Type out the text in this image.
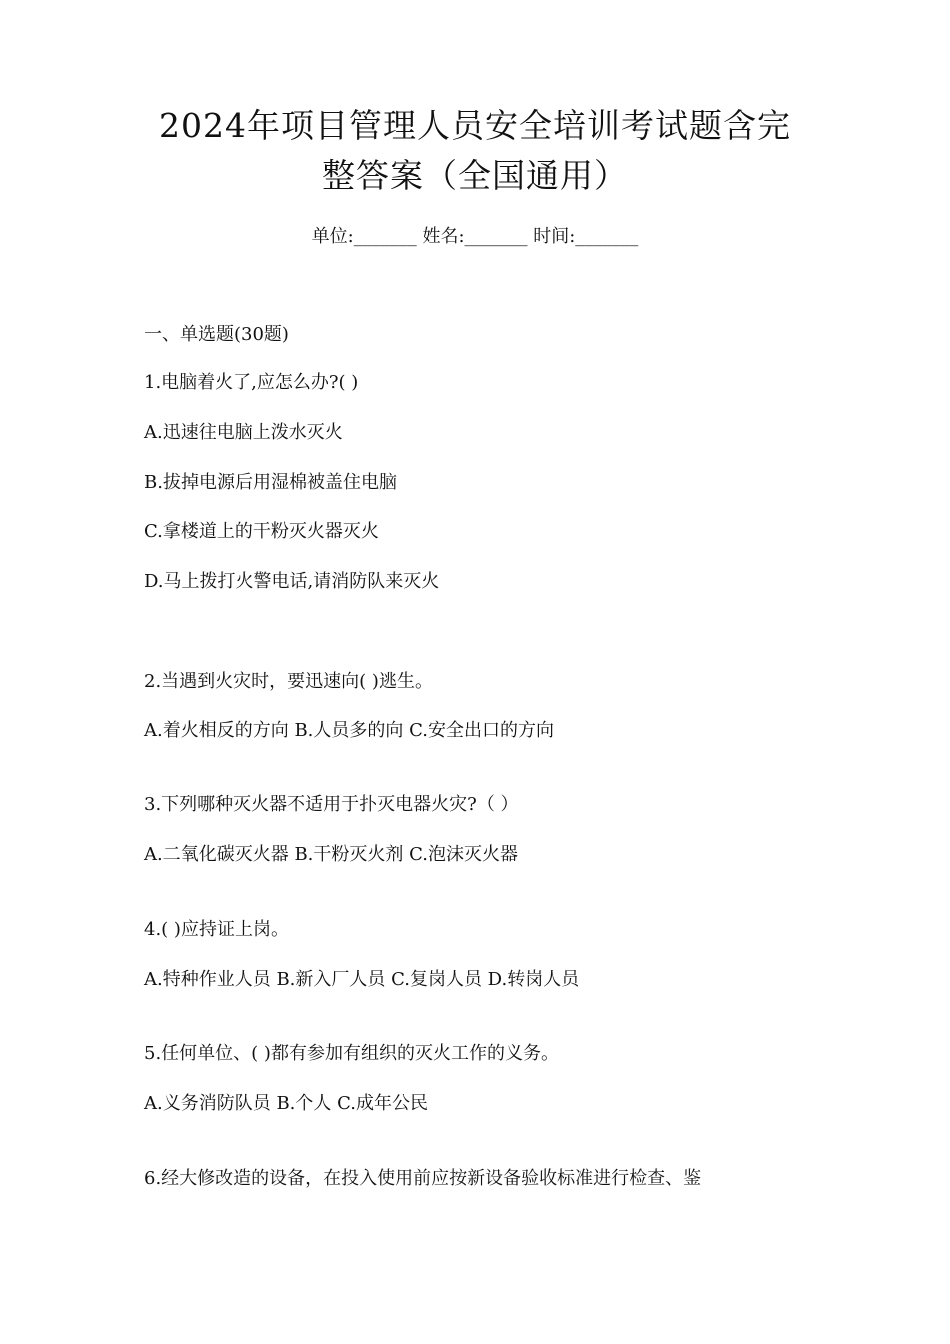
2024年项目管理人员安全培训考试题含完
整答案（全国通用）
单位:_______ 姓名:_______ 时间:_______
一、单选题(30题)
1.电脑着火了,应怎么办?( )
A.迅速往电脑上泼水灭火
B.拔掉电源后用湿棉被盖住电脑
C.拿楼道上的干粉灭火器灭火
D.马上拨打火警电话,请消防队来灭火
2.当遇到火灾时，要迅速向( )逃生。
A.着火相反的方向 B.人员多的向 C.安全出口的方向
3.下列哪种灭火器不适用于扑灭电器火灾?（ ）
A.二氧化碳灭火器 B.干粉灭火剂 C.泡沫灭火器
4.( )应持证上岗。
A.特种作业人员 B.新入厂人员 C.复岗人员 D.转岗人员
5.任何单位、( )都有参加有组织的灭火工作的义务。
A.义务消防队员 B.个人 C.成年公民
6.经大修改造的设备，在投入使用前应按新设备验收标准进行检查、鉴
